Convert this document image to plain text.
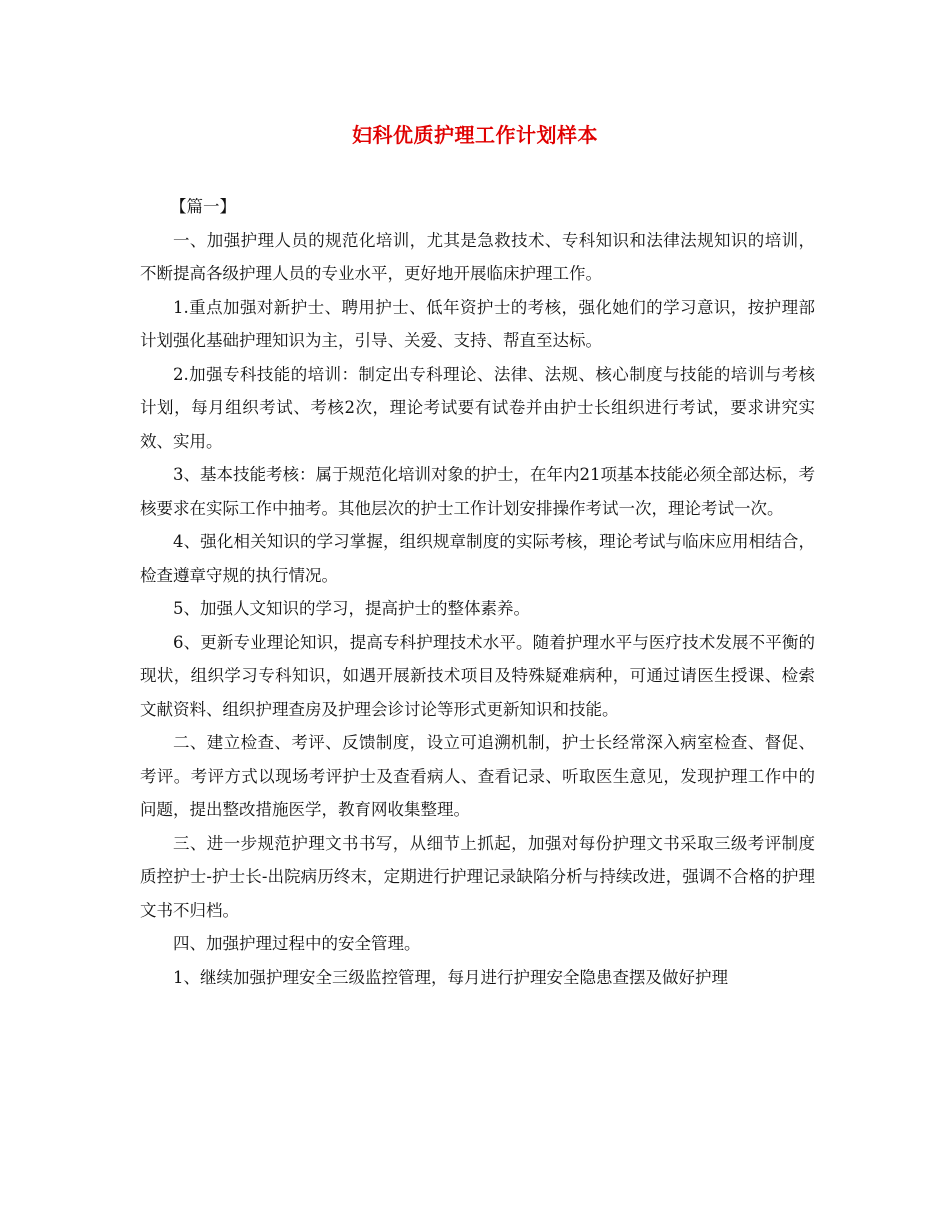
妇科优质护理工作计划样本

【篇一】

一、加强护理人员的规范化培训，尤其是急救技术、专科知识和法律法规知识的培训，不断提高各级护理人员的专业水平，更好地开展临床护理工作。

1.重点加强对新护士、聘用护士、低年资护士的考核，强化她们的学习意识，按护理部计划强化基础护理知识为主，引导、关爱、支持、帮直至达标。

2.加强专科技能的培训：制定出专科理论、法律、法规、核心制度与技能的培训与考核计划，每月组织考试、考核2次，理论考试要有试卷并由护士长组织进行考试，要求讲究实效、实用。

3、基本技能考核：属于规范化培训对象的护士，在年内21项基本技能必须全部达标，考核要求在实际工作中抽考。其他层次的护士工作计划安排操作考试一次，理论考试一次。

4、强化相关知识的学习掌握，组织规章制度的实际考核，理论考试与临床应用相结合，检查遵章守规的执行情况。

5、加强人文知识的学习，提高护士的整体素养。

6、更新专业理论知识，提高专科护理技术水平。随着护理水平与医疗技术发展不平衡的现状，组织学习专科知识，如遇开展新技术项目及特殊疑难病种，可通过请医生授课、检索文献资料、组织护理查房及护理会诊讨论等形式更新知识和技能。

二、建立检查、考评、反馈制度，设立可追溯机制，护士长经常深入病室检查、督促、考评。考评方式以现场考评护士及查看病人、查看记录、听取医生意见，发现护理工作中的问题，提出整改措施医学，教育网收集整理。

三、进一步规范护理文书书写，从细节上抓起，加强对每份护理文书采取三级考评制度质控护士-护士长-出院病历终末，定期进行护理记录缺陷分析与持续改进，强调不合格的护理文书不归档。

四、加强护理过程中的安全管理。

1、继续加强护理安全三级监控管理，每月进行护理安全隐患查摆及做好护理
